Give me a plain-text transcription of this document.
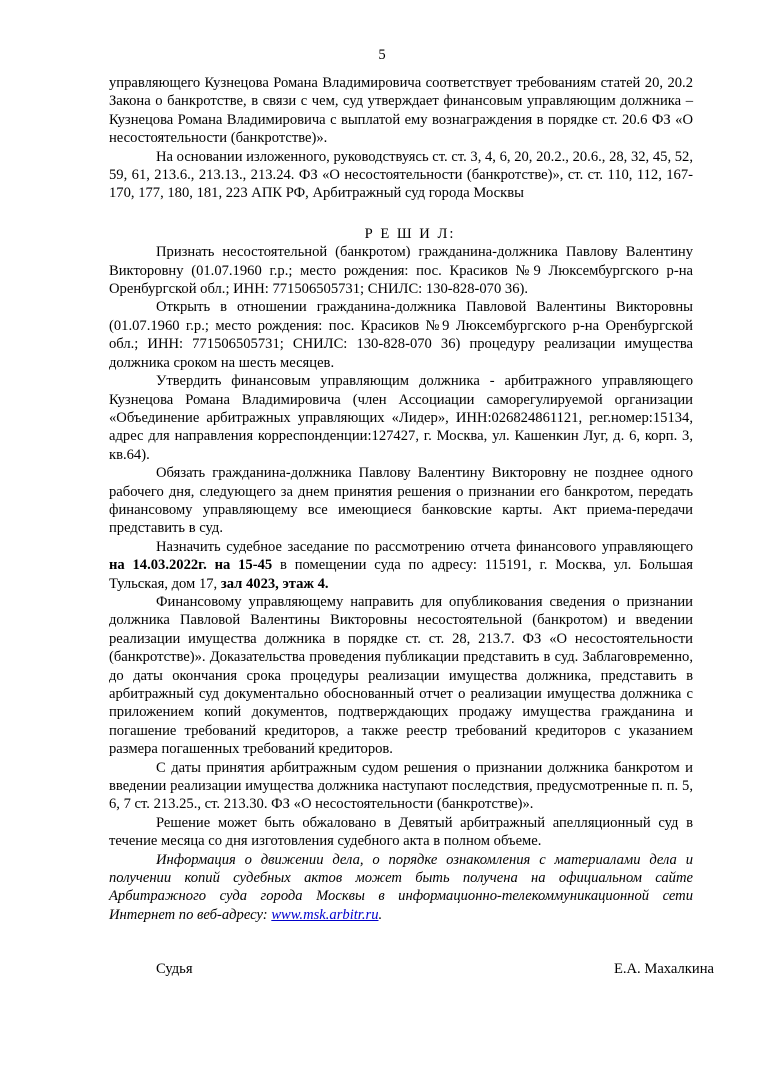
5

управляющего Кузнецова Романа Владимировича соответствует требованиям статей 20, 20.2 Закона о банкротстве, в связи с чем, суд утверждает финансовым управляющим должника – Кузнецова Романа Владимировича с выплатой ему вознаграждения в порядке ст. 20.6 ФЗ «О несостоятельности (банкротстве)».

На основании изложенного, руководствуясь ст. ст. 3, 4, 6, 20, 20.2., 20.6., 28, 32, 45, 52, 59, 61, 213.6., 213.13., 213.24. ФЗ «О несостоятельности (банкротстве)», ст. ст. 110, 112, 167-170, 177, 180, 181, 223 АПК РФ, Арбитражный суд города Москвы

Р Е Ш И Л:

Признать несостоятельной (банкротом) гражданина-должника Павлову Валентину Викторовну (01.07.1960 г.р.; место рождения: пос. Красиков №9 Люксембургского р-на Оренбургской обл.; ИНН: 771506505731; СНИЛС: 130-828-070 36).

Открыть в отношении гражданина-должника Павловой Валентины Викторовны (01.07.1960 г.р.; место рождения: пос. Красиков №9 Люксембургского р-на Оренбургской обл.; ИНН: 771506505731; СНИЛС: 130-828-070 36) процедуру реализации имущества должника сроком на шесть месяцев.

Утвердить финансовым управляющим должника - арбитражного управляющего Кузнецова Романа Владимировича (член Ассоциации саморегулируемой организации «Объединение арбитражных управляющих «Лидер», ИНН:026824861121, рег.номер:15134, адрес для направления корреспонденции:127427, г. Москва, ул. Кашенкин Луг, д. 6, корп. 3, кв.64).

Обязать гражданина-должника Павлову Валентину Викторовну не позднее одного рабочего дня, следующего за днем принятия решения о признании его банкротом, передать финансовому управляющему все имеющиеся банковские карты. Акт приема-передачи представить в суд.

Назначить судебное заседание по рассмотрению отчета финансового управляющего на 14.03.2022г. на 15-45 в помещении суда по адресу: 115191, г. Москва, ул. Большая Тульская, дом 17, зал 4023, этаж 4.

Финансовому управляющему направить для опубликования сведения о признании должника Павловой Валентины Викторовны несостоятельной (банкротом) и введении реализации имущества должника в порядке ст. ст. 28, 213.7. ФЗ «О несостоятельности (банкротстве)». Доказательства проведения публикации представить в суд. Заблаговременно, до даты окончания срока процедуры реализации имущества должника, представить в арбитражный суд документально обоснованный отчет о реализации имущества должника с приложением копий документов, подтверждающих продажу имущества гражданина и погашение требований кредиторов, а также реестр требований кредиторов с указанием размера погашенных требований кредиторов.

С даты принятия арбитражным судом решения о признании должника банкротом и введении реализации имущества должника наступают последствия, предусмотренные п. п. 5, 6, 7 ст. 213.25., ст. 213.30. ФЗ «О несостоятельности (банкротстве)».

Решение может быть обжаловано в Девятый арбитражный апелляционный суд в течение месяца со дня изготовления судебного акта в полном объеме.

Информация о движении дела, о порядке ознакомления с материалами дела и получении копий судебных актов может быть получена на официальном сайте Арбитражного суда города Москвы в информационно-телекоммуникационной сети Интернет по веб-адресу: www.msk.arbitr.ru.

Судья	Е.А. Махалкина
